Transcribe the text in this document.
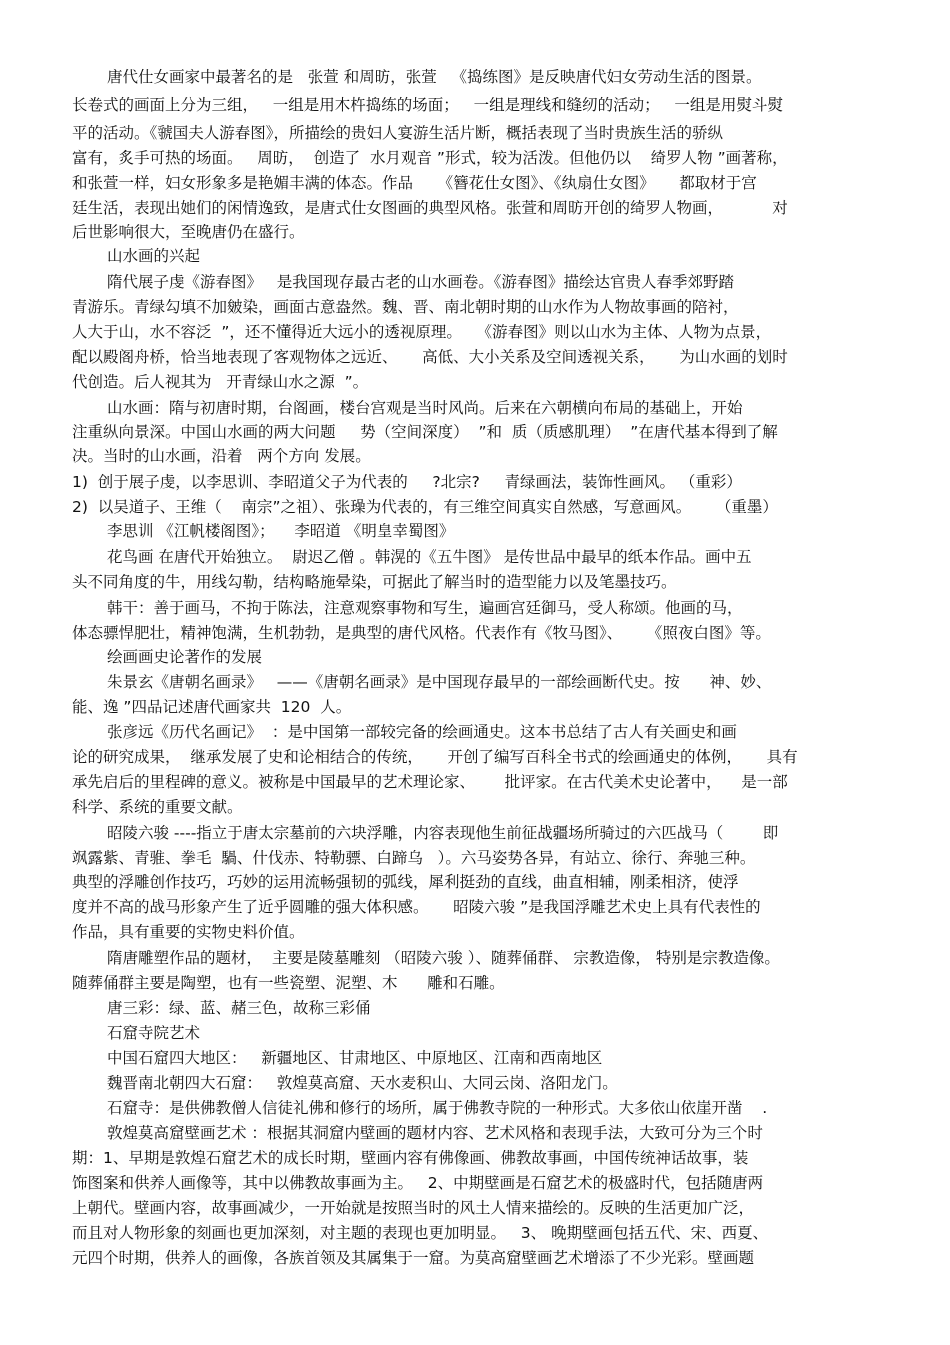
唐代仕女画家中最著名的是   张萱 和周昉，张萱   《捣练图》是反映唐代妇女劳动生活的图景。
长卷式的画面上分为三组，   一组是用木杵捣练的场面；   一组是理线和缝纫的活动；   一组是用熨斗熨
平的活动。《虢国夫人游春图》，所描绘的贵妇人宴游生活片断，概括表现了当时贵族生活的骄纵
富有，炙手可热的场面。   周昉，  创造了  水月观音 ”形式，较为活泼。但他仍以    绮罗人物 ”画著称，
和张萱一样，妇女形象多是艳媚丰满的体态。作品     《簪花仕女图》、《纨扇仕女图》     都取材于宫
廷生活，表现出她们的闲情逸致，是唐式仕女图画的典型风格。张萱和周昉开创的绮罗人物画，          对
后世影响很大，至晚唐仍在盛行。
山水画的兴起
隋代展子虔《游春图》   是我国现存最古老的山水画卷。《游春图》描绘达官贵人春季郊野踏
青游乐。青绿勾填不加皴染，画面古意盎然。魏、晋、南北朝时期的山水作为人物故事画的陪衬，
人大于山，水不容泛  ”，还不懂得近大远小的透视原理。   《游春图》则以山水为主体、人物为点景，
配以殿阁舟桥，恰当地表现了客观物体之远近、     高低、大小关系及空间透视关系，     为山水画的划时
代创造。后人视其为   开青绿山水之源  ”。
山水画：隋与初唐时期，台阁画，楼台宫观是当时风尚。后来在六朝横向布局的基础上，开始
注重纵向景深。中国山水画的两大问题     势（空间深度）  ”和  质（质感肌理）  ”在唐代基本得到了解
决。当时的山水画，沿着   两个方向 发展。
1)  创于展子虔，以李思训、李昭道父子为代表的     ?北宗?     青绿画法，装饰性画风。 （重彩）
2)  以吴道子、王维（    南宗”之祖）、张璪为代表的，有三维空间真实自然感，写意画风。     （重墨）
李思训 《江帆楼阁图》；    李昭道 《明皇幸蜀图》
花鸟画 在唐代开始独立。  尉迟乙僧 。韩滉的《五牛图》 是传世品中最早的纸本作品。画中五
头不同角度的牛，用线勾勒，结构略施晕染，可据此了解当时的造型能力以及笔墨技巧。
韩干：善于画马，不拘于陈法，注意观察事物和写生，遍画宫廷御马，受人称颂。他画的马，
体态骠悍肥壮，精神饱满，生机勃勃，是典型的唐代风格。代表作有《牧马图》、     《照夜白图》等。
绘画画史论著作的发展
朱景玄《唐朝名画录》   ——《唐朝名画录》是中国现存最早的一部绘画断代史。按      神、妙、
能、逸 ”四品记述唐代画家共  120  人。
张彦远《历代名画记》  ：是中国第一部较完备的绘画通史。这本书总结了古人有关画史和画
论的研究成果，  继承发展了史和论相结合的传统，     开创了编写百科全书式的绘画通史的体例，     具有
承先启后的里程碑的意义。被称是中国最早的艺术理论家、      批评家。在古代美术史论著中，    是一部
科学、系统的重要文献。
昭陵六骏 ----指立于唐太宗墓前的六块浮雕，内容表现他生前征战疆场所骑过的六匹战马（        即
飒露紫、青骓、拳毛  騧、什伐赤、特勒骠、白蹄乌   ）。六马姿势各异，有站立、徐行、奔驰三种。
典型的浮雕创作技巧，巧妙的运用流畅强韧的弧线，犀利挺劲的直线，曲直相辅，刚柔相济，使浮
度并不高的战马形象产生了近乎圆雕的强大体积感。     昭陵六骏 ”是我国浮雕艺术史上具有代表性的
作品，具有重要的实物史料价值。
隋唐雕塑作品的题材，  主要是陵墓雕刻 （昭陵六骏 ）、随葬俑群、 宗教造像， 特别是宗教造像。
随葬俑群主要是陶塑，也有一些瓷塑、泥塑、木      雕和石雕。
唐三彩：绿、蓝、赭三色，故称三彩俑
石窟寺院艺术
中国石窟四大地区：   新疆地区、甘肃地区、中原地区、江南和西南地区
魏晋南北朝四大石窟：   敦煌莫高窟、天水麦积山、大同云岗、洛阳龙门。
石窟寺：是供佛教僧人信徒礼佛和修行的场所，属于佛教寺院的一种形式。大多依山依崖开凿    .
敦煌莫高窟壁画艺术 ：根据其洞窟内壁画的题材内容、艺术风格和表现手法，大致可分为三个时
期：1、早期是敦煌石窟艺术的成长时期，壁画内容有佛像画、佛教故事画，中国传统神话故事，装
饰图案和供养人画像等，其中以佛教故事画为主。   2、中期壁画是石窟艺术的极盛时代，包括随唐两
上朝代。壁画内容，故事画减少，一开始就是按照当时的风土人情来描绘的。反映的生活更加广泛，
而且对人物形象的刻画也更加深刻，对主题的表现也更加明显。   3、 晚期壁画包括五代、宋、西夏、
元四个时期，供养人的画像，各族首领及其属集于一窟。为莫高窟壁画艺术增添了不少光彩。壁画题
